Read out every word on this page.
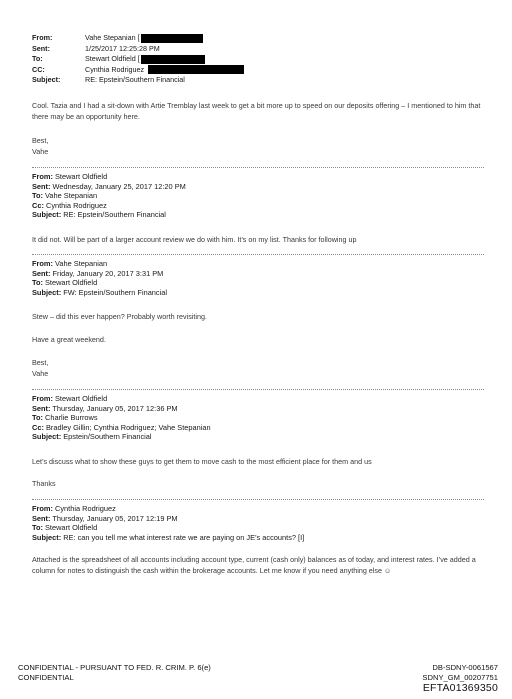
From:	Vahe Stepanian [
Sent:	1/25/2017 12:25:28 PM
To:	Stewart Oldfield [
CC:	Cynthia Rodriguez
Subject:	RE: Epstein/Southern Financial
Cool. Tazia and I had a sit-down with Artie Tremblay last week to get a bit more up to speed on our deposits offering – I mentioned to him that there may be an opportunity here.
Best,
Vahe
From: Stewart Oldfield
Sent: Wednesday, January 25, 2017 12:20 PM
To: Vahe Stepanian
Cc: Cynthia Rodriguez
Subject: RE: Epstein/Southern Financial
It did not. Will be part of a larger account review we do with him. It’s on my list. Thanks for following up
From: Vahe Stepanian
Sent: Friday, January 20, 2017 3:31 PM
To: Stewart Oldfield
Subject: FW: Epstein/Southern Financial
Stew – did this ever happen? Probably worth revisiting.
Have a great weekend.
Best,
Vahe
From: Stewart Oldfield
Sent: Thursday, January 05, 2017 12:36 PM
To: Charlie Burrows
Cc: Bradley Gillin; Cynthia Rodriguez; Vahe Stepanian
Subject: Epstein/Southern Financial
Let’s discuss what to show these guys to get them to move cash to the most efficient place for them and us
Thanks
From: Cynthia Rodriguez
Sent: Thursday, January 05, 2017 12:19 PM
To: Stewart Oldfield
Subject: RE: can you tell me what interest rate we are paying on JE’s accounts? [I]
Attached is the spreadsheet of all accounts including account type, current (cash only) balances as of today, and interest rates. I’ve added a column for notes to distinguish the cash within the brokerage accounts. Let me know if you need anything else ☺
CONFIDENTIAL - PURSUANT TO FED. R. CRIM. P. 6(e)
CONFIDENTIAL
DB-SDNY-0061567
SDNY_GM_00207751
EFTA01369350
